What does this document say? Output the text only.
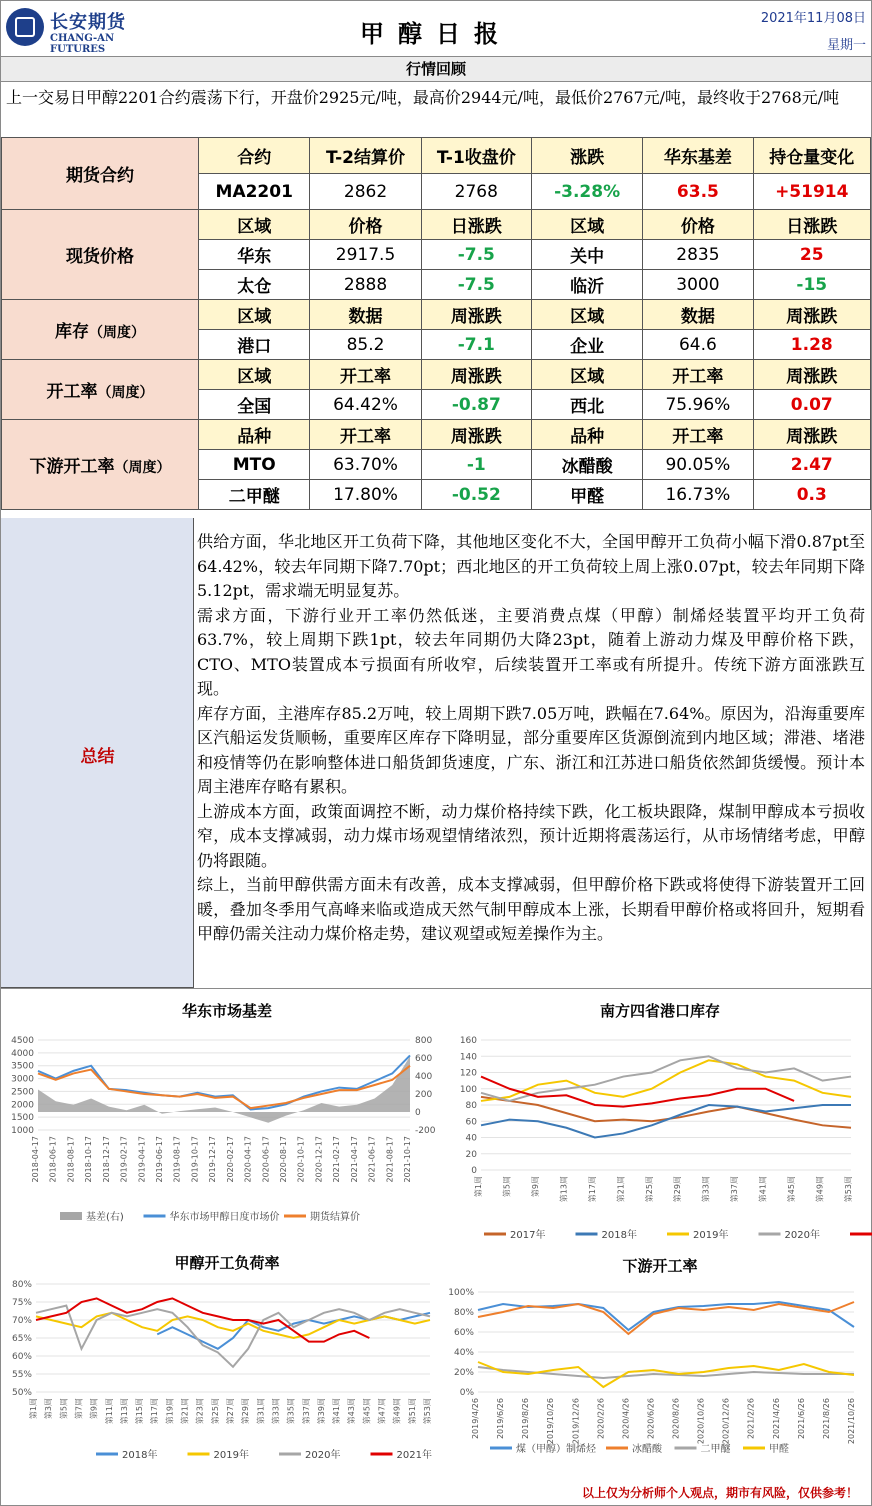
长安期货
CHANG-AN FUTURES
甲醇日报
2021年11月08日
星期一
行情回顾
上一交易日甲醇2201合约震荡下行，开盘价2925元/吨，最高价2944元/吨，最低价2767元/吨，最终收于2768元/吨
期货合约	合约	T-2结算价	T-1收盘价	涨跌	华东基差	持仓量变化
	MA2201	2862	2768	-3.28%	63.5	+51914
现货价格	区域	价格	日涨跌	区域	价格	日涨跌
	华东	2917.5	-7.5	关中	2835	25
	太仓	2888	-7.5	临沂	3000	-15
库存（周度）	区域	数据	周涨跌	区域	数据	周涨跌
	港口	85.2	-7.1	企业	64.6	1.28
开工率（周度）	区域	开工率	周涨跌	区域	开工率	周涨跌
	全国	64.42%	-0.87	西北	75.96%	0.07
下游开工率（周度）	品种	开工率	周涨跌	品种	开工率	周涨跌
	MTO	63.70%	-1	冰醋酸	90.05%	2.47
	二甲醚	17.80%	-0.52	甲醛	16.73%	0.3
总结

供给方面，华北地区开工负荷下降，其他地区变化不大，全国甲醇开工负荷小幅下滑0.87pt至64.42%，较去年同期下降7.70pt；西北地区的开工负荷较上周上涨0.07pt，较去年同期下降5.12pt，需求端无明显复苏。

需求方面，下游行业开工率仍然低迷，主要消费点煤（甲醇）制烯烃装置平均开工负荷63.7%，较上周期下跌1pt，较去年同期仍大降23pt，随着上游动力煤及甲醇价格下跌，CTO、MTO装置成本亏损面有所收窄，后续装置开工率或有所提升。传统下游方面涨跌互现。

库存方面，主港库存85.2万吨，较上周期下跌7.05万吨，跌幅在7.64%。原因为，沿海重要库区汽船运发货顺畅，重要库区库存下降明显，部分重要库区货源倒流到内地区域；滞港、堵港和疫情等仍在影响整体进口船货卸货速度，广东、浙江和江苏进口船货依然卸货缓慢。预计本周主港库存略有累积。

上游成本方面，政策面调控不断，动力煤价格持续下跌，化工板块跟降，煤制甲醇成本亏损收窄，成本支撑减弱，动力煤市场观望情绪浓烈，预计近期将震荡运行，从市场情绪考虑，甲醇仍将跟随。

综上，当前甲醇供需方面未有改善，成本支撑减弱，但甲醇价格下跌或将使得下游装置开工回暖，叠加冬季用气高峰来临或造成天然气制甲醇成本上涨，长期看甲醇价格或将回升，短期看甲醇仍需关注动力煤价格走势，建议观望或短差操作为主。

华东市场基差	南方四省港口库存
甲醇开工负荷率	下游开工率
4500
4000
3500
3000
2500
2000
1500
1000
800
600
400
200
0
-200
2018-04-17 2018-06-17 2018-08-17 2018-10-17 2018-12-17 2019-02-17 2019-04-17 2019-06-17 2019-08-17 2019-10-17 2019-12-17 2020-02-17 2020-04-17 2020-06-17 2020-08-17 2020-10-17 2020-12-17 2021-02-17 2021-04-17 2021-06-17 2021-08-17 2021-10-17
基差(右)	华东市场甲醇日度市场价	期货结算价
160
140
120
100
80
60
40
20
0
第1周 第5周 第9周 第13周 第17周 第21周 第25周 第29周 第33周 第37周 第41周 第45周 第49周 第53周
2017年	2018年	2019年	2020年
80%
75%
70%
65%
60%
55%
50%
第1周 第3周 第5周 第7周 第9周 第11周 第13周 第15周 第17周 第19周 第21周 第23周 第25周 第27周 第29周 第31周 第33周 第35周 第37周 第39周 第41周 第43周 第45周 第47周 第49周 第51周 第53周
2018年	2019年	2020年	2021年
100%
80%
60%
40%
20%
0%
2019/4/26 2019/6/26 2019/8/26 2019/10/26 2019/12/26 2020/2/26 2020/4/26 2020/6/26 2020/8/26 2020/10/26 2020/12/26 2021/2/26 2021/4/26 2021/6/26 2021/8/26 2021/10/26
煤（甲醇）制烯烃	冰醋酸	二甲醚	甲醛
以上仅为分析师个人观点，期市有风险，仅供参考！
